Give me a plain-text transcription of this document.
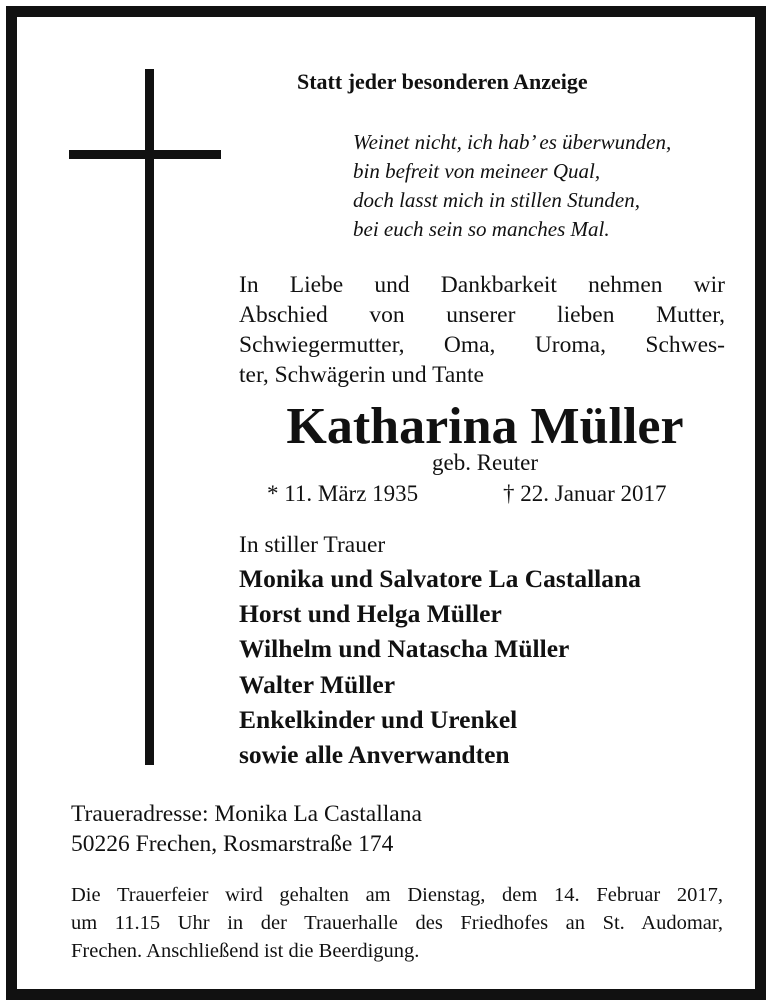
Statt jeder besonderen Anzeige
Weinet nicht, ich hab’ es überwunden,
bin befreit von meineer Qual,
doch lasst mich in stillen Stunden,
bei euch sein so manches Mal.
In Liebe und Dankbarkeit nehmen wir
Abschied von unserer lieben Mutter,
Schwiegermutter, Oma, Uroma, Schwes-
ter, Schwägerin und Tante
Katharina Müller
geb. Reuter
* 11. März 1935	† 22. Januar 2017
In stiller Trauer
Monika und Salvatore La Castallana
Horst und Helga Müller
Wilhelm und Natascha Müller
Walter Müller
Enkelkinder und Urenkel
sowie alle Anverwandten
Traueradresse: Monika La Castallana
50226 Frechen, Rosmarstraße 174
Die Trauerfeier wird gehalten am Dienstag, dem 14. Februar 2017,
um 11.15 Uhr in der Trauerhalle des Friedhofes an St. Audomar,
Frechen. Anschließend ist die Beerdigung.
